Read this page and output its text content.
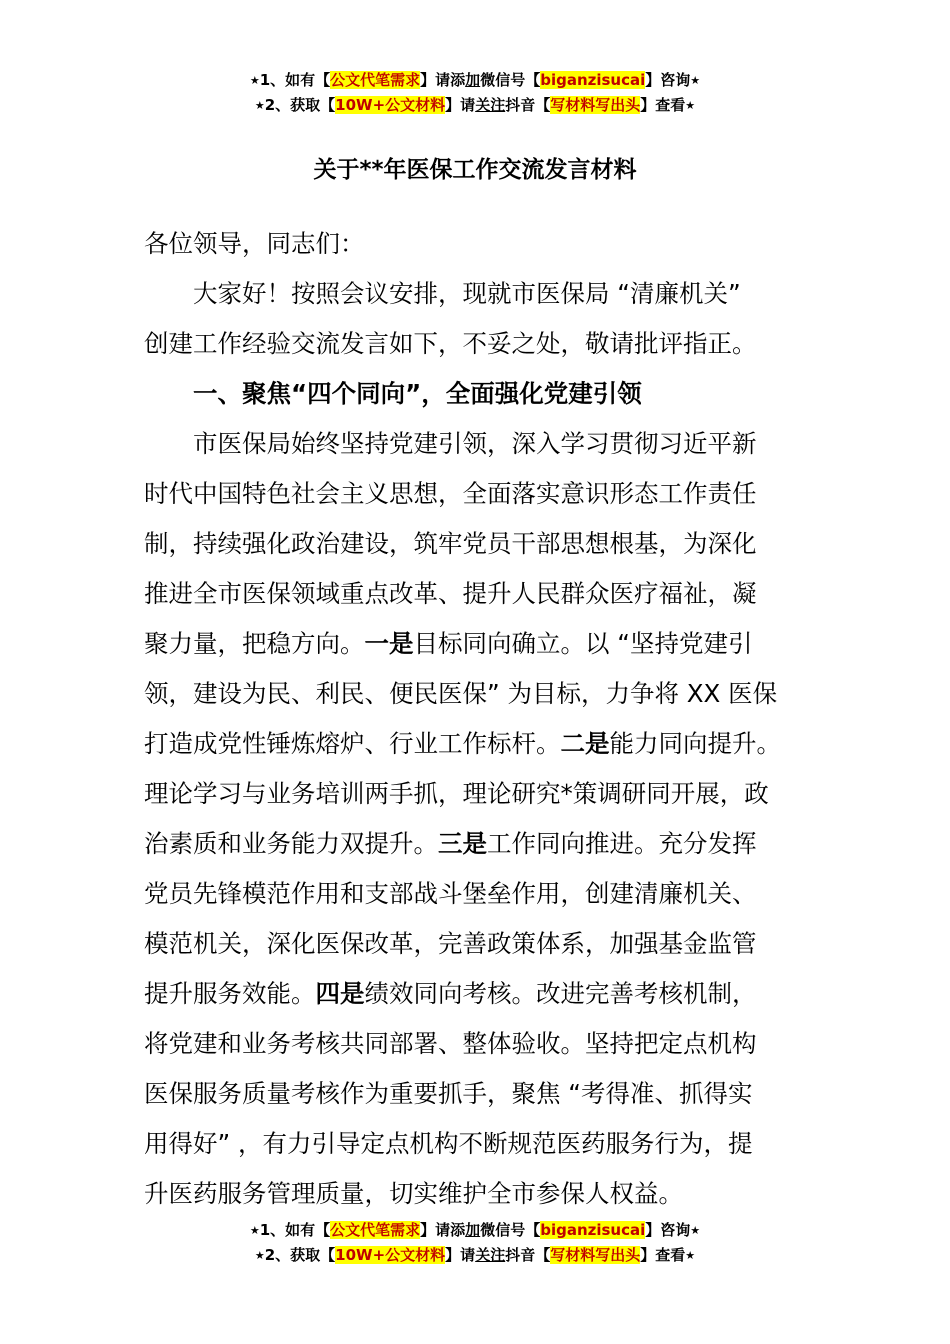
★1、如有【公文代笔需求】请添加微信号【biganzisucai】咨询★
★2、获取【10W+公文材料】请关注抖音【写材料写出头】查看★
关于**年医保工作交流发言材料
各位领导，同志们：
大家好！按照会议安排，现就市医保局 “清廉机关”
创建工作经验交流发言如下，不妥之处，敬请批评指正。
一、聚焦“四个同向”，全面强化党建引领
市医保局始终坚持党建引领，深入学习贯彻习近平新
时代中国特色社会主义思想，全面落实意识形态工作责任
制，持续强化政治建设，筑牢党员干部思想根基，为深化
推进全市医保领域重点改革、提升人民群众医疗福祉，凝
聚力量，把稳方向。一是目标同向确立。以 “坚持党建引
领，建设为民、利民、便民医保” 为目标，力争将 XX 医保
打造成党性锤炼熔炉、行业工作标杆。二是能力同向提升。
理论学习与业务培训两手抓，理论研究*策调研同开展，政
治素质和业务能力双提升。三是工作同向推进。充分发挥
党员先锋模范作用和支部战斗堡垒作用，创建清廉机关、
模范机关，深化医保改革，完善政策体系，加强基金监管
提升服务效能。四是绩效同向考核。改进完善考核机制，
将党建和业务考核共同部署、整体验收。坚持把定点机构
医保服务质量考核作为重要抓手，聚焦 “考得准、抓得实
用得好” ，有力引导定点机构不断规范医药服务行为，提
升医药服务管理质量，切实维护全市参保人权益。
★1、如有【公文代笔需求】请添加微信号【biganzisucai】咨询★
★2、获取【10W+公文材料】请关注抖音【写材料写出头】查看★
